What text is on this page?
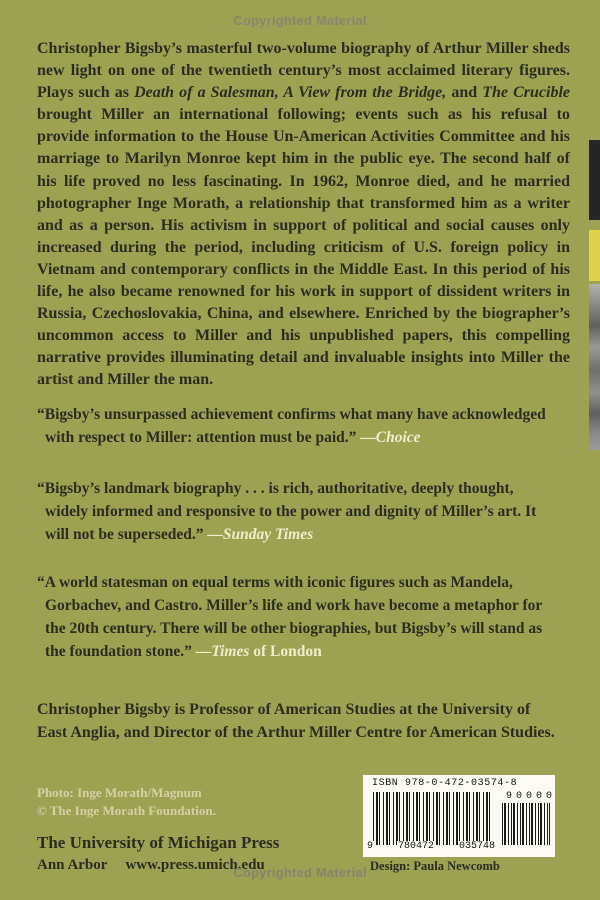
Copyrighted Material
Christopher Bigsby’s masterful two-volume biography of Arthur Miller sheds new light on one of the twentieth century’s most acclaimed literary figures. Plays such as Death of a Salesman, A View from the Bridge, and The Crucible brought Miller an international following; events such as his refusal to provide information to the House Un-American Activities Committee and his marriage to Marilyn Monroe kept him in the public eye. The second half of his life proved no less fascinating. In 1962, Monroe died, and he married photographer Inge Morath, a relationship that transformed him as a writer and as a person. His activism in support of political and social causes only increased during the period, including criticism of U.S. foreign policy in Vietnam and contemporary conflicts in the Middle East. In this period of his life, he also became renowned for his work in support of dissident writers in Russia, Czechoslovakia, China, and elsewhere. Enriched by the biographer’s uncommon access to Miller and his unpublished papers, this compelling narrative provides illuminating detail and invaluable insights into Miller the artist and Miller the man.
“Bigsby’s unsurpassed achievement confirms what many have acknowledged with respect to Miller: attention must be paid.” —Choice
“Bigsby’s landmark biography . . . is rich, authoritative, deeply thought, widely informed and responsive to the power and dignity of Miller’s art. It will not be superseded.” —Sunday Times
“A world statesman on equal terms with iconic figures such as Mandela, Gorbachev, and Castro. Miller’s life and work have become a metaphor for the 20th century. There will be other biographies, but Bigsby’s will stand as the foundation stone.” —Times of London
Christopher Bigsby is Professor of American Studies at the University of East Anglia, and Director of the Arthur Miller Centre for American Studies.
Photo: Inge Morath/Magnum
© The Inge Morath Foundation.
The University of Michigan Press
Ann Arbor www.press.umich.edu
Copyrighted Material
ISBN 978-0-472-03574-8
9 780472 035748
90000
Design: Paula Newcomb
